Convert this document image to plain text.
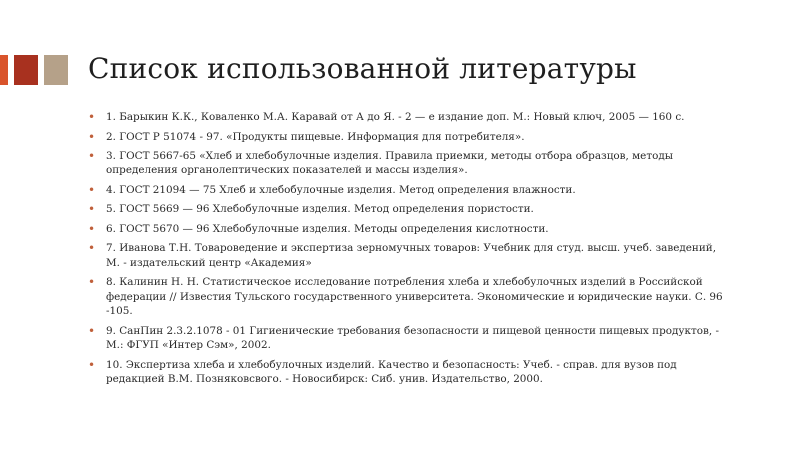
Список использованной литературы
• 1. Барыкин К.К., Коваленко М.А. Каравай от А до Я. - 2 — е издание доп. М.: Новый ключ, 2005 — 160 с.
• 2. ГОСТ Р 51074 - 97. «Продукты пищевые. Информация для потребителя».
• 3. ГОСТ 5667-65 «Хлеб и хлебобулочные изделия. Правила приемки, методы отбора образцов, методы определения органолептических показателей и массы изделия».
• 4. ГОСТ 21094 — 75 Хлеб и хлебобулочные изделия. Метод определения влажности.
• 5. ГОСТ 5669 — 96 Хлебобулочные изделия. Метод определения пористости.
• 6. ГОСТ 5670 — 96 Хлебобулочные изделия. Методы определения кислотности.
• 7. Иванова Т.Н. Товароведение и экспертиза зерномучных товаров: Учебник для студ. высш. учеб. заведений, М. - издательский центр «Академия»
• 8. Калинин Н. Н. Статистическое исследование потребления хлеба и хлебобулочных изделий в Российской федерации // Известия Тульского государственного университета. Экономические и юридические науки. С. 96 -105.
• 9. СанПин 2.3.2.1078 - 01 Гигиенические требования безопасности и пищевой ценности пищевых продуктов, - М.: ФГУП «Интер Сэм», 2002.
• 10. Экспертиза хлеба и хлебобулочных изделий. Качество и безопасность: Учеб. - справ. для вузов под редакцией В.М. Позняковсвого. - Новосибирск: Сиб. унив. Издательство, 2000.
